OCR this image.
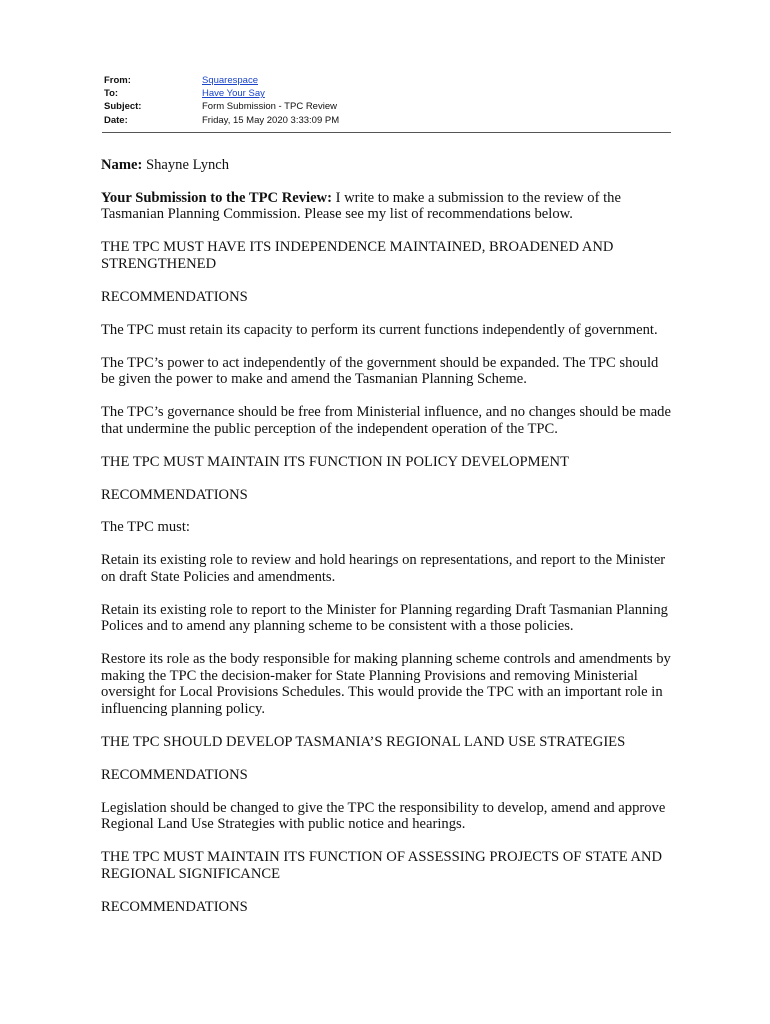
From:	Squarespace
To:	Have Your Say
Subject:	Form Submission - TPC Review
Date:	Friday, 15 May 2020 3:33:09 PM

Name: Shayne Lynch

Your Submission to the TPC Review: I write to make a submission to the review of the Tasmanian Planning Commission. Please see my list of recommendations below.

THE TPC MUST HAVE ITS INDEPENDENCE MAINTAINED, BROADENED AND STRENGTHENED

RECOMMENDATIONS

The TPC must retain its capacity to perform its current functions independently of government.

The TPC’s power to act independently of the government should be expanded. The TPC should be given the power to make and amend the Tasmanian Planning Scheme.

The TPC’s governance should be free from Ministerial influence, and no changes should be made that undermine the public perception of the independent operation of the TPC.

THE TPC MUST MAINTAIN ITS FUNCTION IN POLICY DEVELOPMENT

RECOMMENDATIONS

The TPC must:

Retain its existing role to review and hold hearings on representations, and report to the Minister on draft State Policies and amendments.

Retain its existing role to report to the Minister for Planning regarding Draft Tasmanian Planning Polices and to amend any planning scheme to be consistent with a those policies.

Restore its role as the body responsible for making planning scheme controls and amendments by making the TPC the decision-maker for State Planning Provisions and removing Ministerial oversight for Local Provisions Schedules. This would provide the TPC with an important role in influencing planning policy.

THE TPC SHOULD DEVELOP TASMANIA’S REGIONAL LAND USE STRATEGIES

RECOMMENDATIONS

Legislation should be changed to give the TPC the responsibility to develop, amend and approve Regional Land Use Strategies with public notice and hearings.

THE TPC MUST MAINTAIN ITS FUNCTION OF ASSESSING PROJECTS OF STATE AND REGIONAL SIGNIFICANCE

RECOMMENDATIONS
